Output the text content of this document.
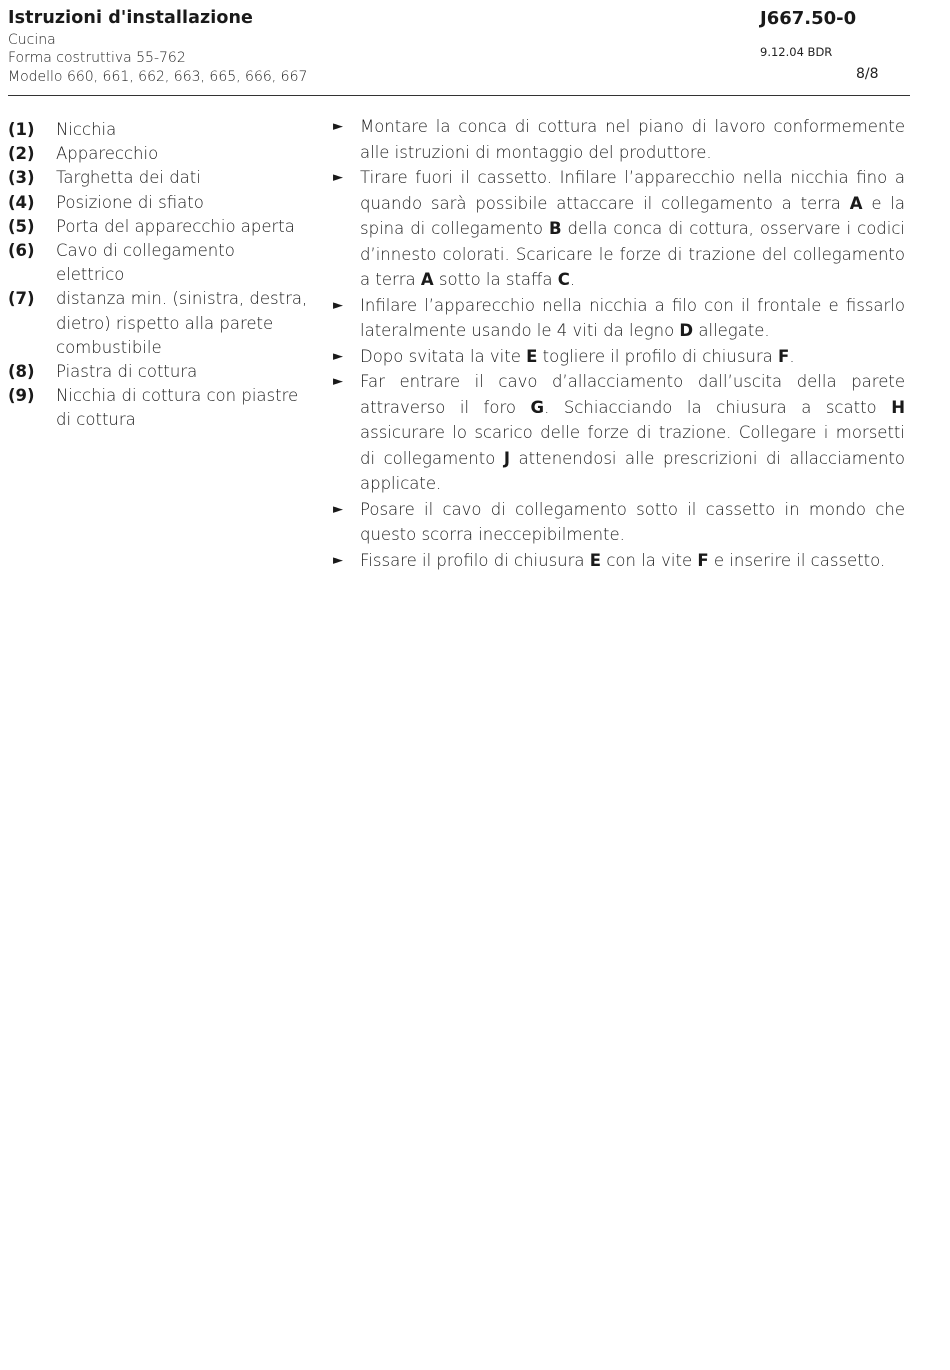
Istruzioni d'installazione
Cucina
Forma costruttiva 55-762
Modello 660, 661, 662, 663, 665, 666, 667
J667.50-0
9.12.04 BDR
8/8
(1)	Nicchia
(2)	Apparecchio
(3)	Targhetta dei dati
(4)	Posizione di sfiato
(5)	Porta del apparecchio aperta
(6)	Cavo di collegamento elettrico
(7)	distanza min. (sinistra, destra, dietro) rispetto alla parete combustibile
(8)	Piastra di cottura
(9)	Nicchia di cottura con piastre di cottura
►	Montare la conca di cottura nel piano di lavoro conformemente alle istruzioni di montaggio del produttore.
►	Tirare fuori il cassetto. Infilare l’apparecchio nella nicchia fino a quando sarà possibile attaccare il collegamento a terra A e la spina di collegamento B della conca di cottura, osservare i codici d’innesto colorati. Scaricare le forze di trazione del collegamento a terra A sotto la staffa C.
►	Infilare l’apparecchio nella nicchia a filo con il frontale e fissarlo lateralmente usando le 4 viti da legno D allegate.
►	Dopo svitata la vite E togliere il profilo di chiusura F.
►	Far entrare il cavo d’allacciamento dall’uscita della parete attraverso il foro G. Schiacciando la chiusura a scatto H assicurare lo scarico delle forze di trazione. Collegare i morsetti di collegamento J attenendosi alle prescrizioni di allacciamento applicate.
►	Posare il cavo di collegamento sotto il cassetto in mondo che questo scorra ineccepibilmente.
►	Fissare il profilo di chiusura E con la vite F e inserire il cassetto.
